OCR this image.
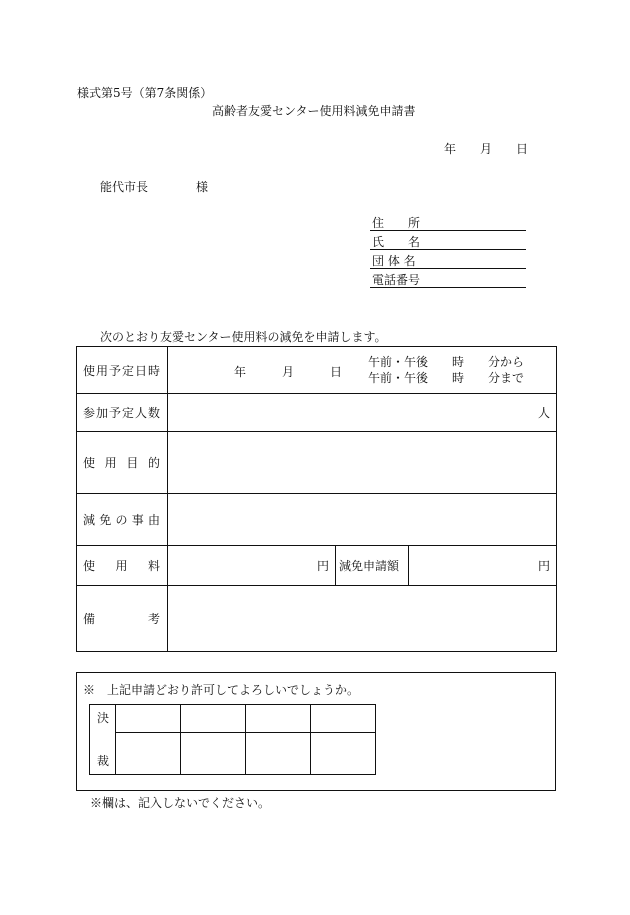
様式第5号（第7条関係）
高齢者友愛センター使用料減免申請書
年 月 日
能代市長	様
住　　所
氏　　名
団 体 名
電話番号
次のとおり友愛センター使用料の減免を申請します。
使用予定日時	年 月 日
午前・午後　　時　　分から
午前・午後　　時　　分まで		

参加予定人数	人		

使用目的			

減免の事由			

使用料	円	減免申請額	円

備考			

※　上記申請どおり許可してよろしいでしょうか。
決
裁				

※欄は、記入しないでください。
